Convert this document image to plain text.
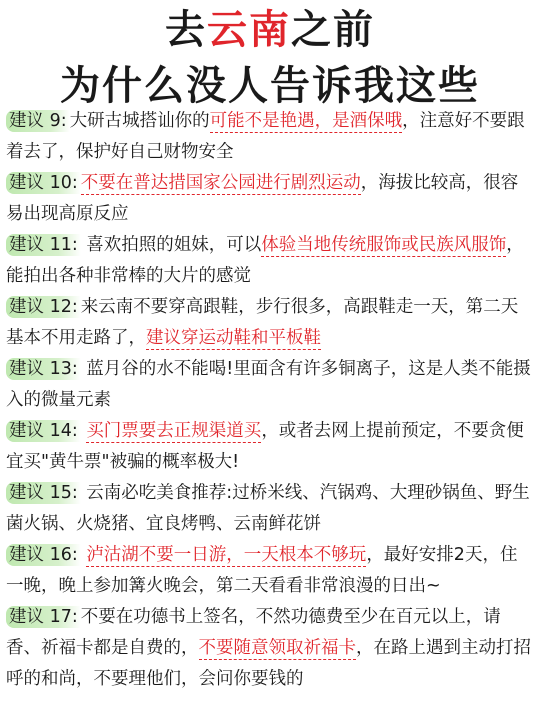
去云南之前
为什么没人告诉我这些

建议 9: 大研古城搭讪你的可能不是艳遇，是酒保哦，注意好不要跟着去了，保护好自己财物安全

建议 10: 不要在普达措国家公园进行剧烈运动，海拔比较高，很容易出现高原反应

建议 11: 喜欢拍照的姐妹，可以体验当地传统服饰或民族风服饰，能拍出各种非常棒的大片的感觉

建议 12: 来云南不要穿高跟鞋，步行很多，高跟鞋走一天，第二天基本不用走路了，建议穿运动鞋和平板鞋

建议 13: 蓝月谷的水不能喝!里面含有许多铜离子，这是人类不能摄入的微量元素

建议 14: 买门票要去正规渠道买，或者去网上提前预定，不要贪便宜买"黄牛票"被骗的概率极大!

建议 15: 云南必吃美食推荐:过桥米线、汽锅鸡、大理砂锅鱼、野生菌火锅、火烧猪、宜良烤鸭、云南鲜花饼

建议 16: 泸沽湖不要一日游，一天根本不够玩，最好安排2天，住一晚，晚上参加篝火晚会，第二天看看非常浪漫的日出~

建议 17: 不要在功德书上签名，不然功德费至少在百元以上，请香、祈福卡都是自费的，不要随意领取祈福卡，在路上遇到主动打招呼的和尚，不要理他们，会问你要钱的
